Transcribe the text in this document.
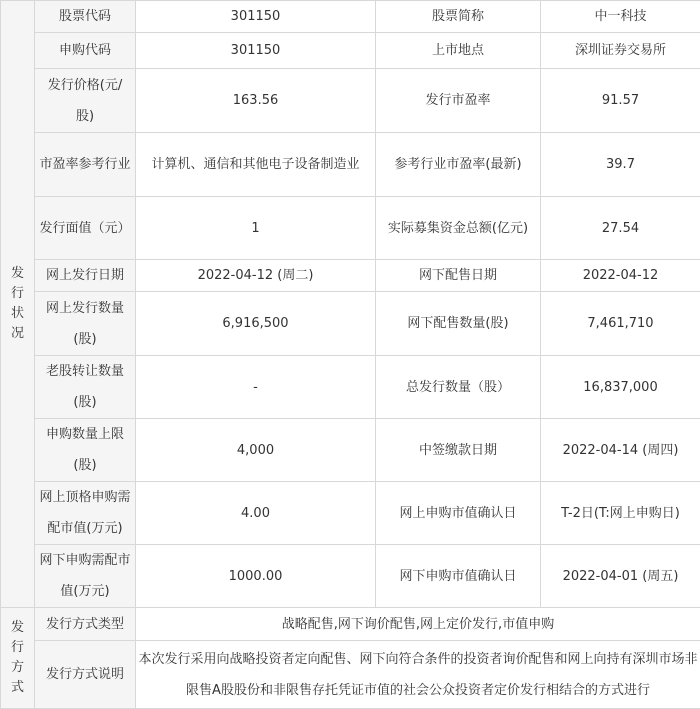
发行状况	股票代码	301150	股票简称	中一科技
	申购代码	301150	上市地点	深圳证券交易所
	发行价格(元/股)	163.56	发行市盈率	91.57
	市盈率参考行业	计算机、通信和其他电子设备制造业	参考行业市盈率(最新)	39.7
	发行面值（元）	1	实际募集资金总额(亿元)	27.54
	网上发行日期	2022-04-12 (周二)	网下配售日期	2022-04-12
	网上发行数量(股)	6,916,500	网下配售数量(股)	7,461,710
	老股转让数量(股)	-	总发行数量（股）	16,837,000
	申购数量上限(股)	4,000	中签缴款日期	2022-04-14 (周四)
	网上顶格申购需配市值(万元)	4.00	网上申购市值确认日	T-2日(T:网上申购日)
	网下申购需配市值(万元)	1000.00	网下申购市值确认日	2022-04-01 (周五)
发行方式	发行方式类型	战略配售,网下询价配售,网上定价发行,市值申购		
	发行方式说明	本次发行采用向战略投资者定向配售、网下向符合条件的投资者询价配售和网上向持有深圳市场非限售A股股份和非限售存托凭证市值的社会公众投资者定价发行相结合的方式进行		
